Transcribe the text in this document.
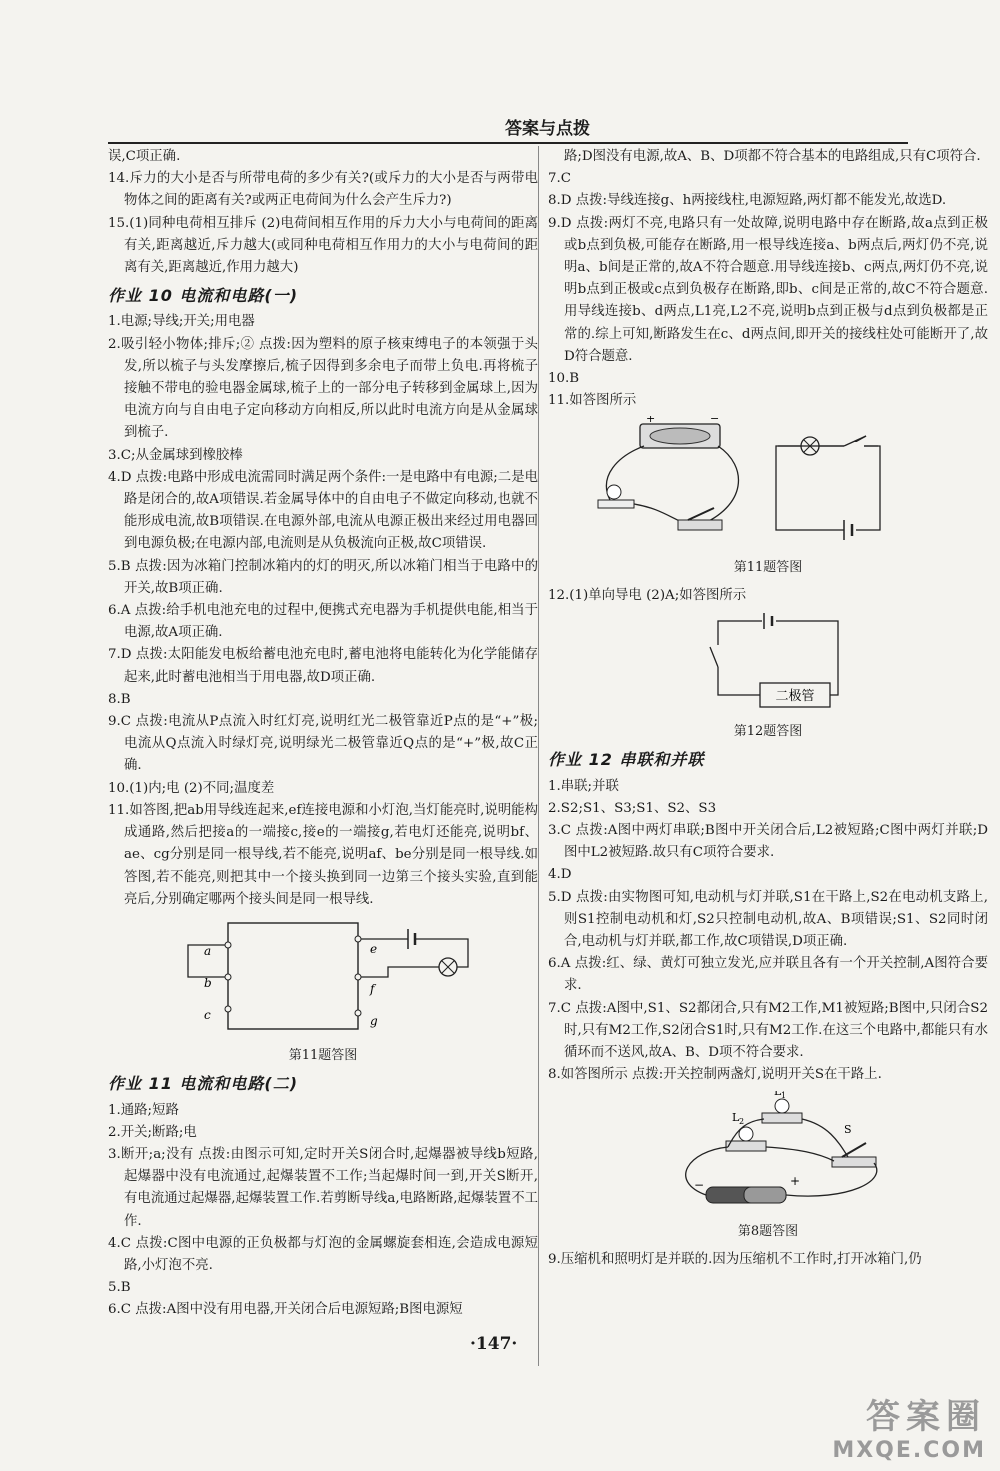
答案与点拨

误,C项正确.

14.斥力的大小是否与所带电荷的多少有关?(或斥力的大小是否与两带电物体之间的距离有关?或两正电荷间为什么会产生斥力?)

15.(1)同种电荷相互排斥 (2)电荷间相互作用的斥力大小与电荷间的距离有关,距离越近,斥力越大(或同种电荷相互作用力的大小与电荷间的距离有关,距离越近,作用力越大)

作业 10 电流和电路(一)

1.电源;导线;开关;用电器

2.吸引轻小物体;排斥;② 点拨:因为塑料的原子核束缚电子的本领强于头发,所以梳子与头发摩擦后,梳子因得到多余电子而带上负电.再将梳子接触不带电的验电器金属球,梳子上的一部分电子转移到金属球上,因为电流方向与自由电子定向移动方向相反,所以此时电流方向是从金属球到梳子.

3.C;从金属球到橡胶棒

4.D 点拨:电路中形成电流需同时满足两个条件:一是电路中有电源;二是电路是闭合的,故A项错误.若金属导体中的自由电子不做定向移动,也就不能形成电流,故B项错误.在电源外部,电流从电源正极出来经过用电器回到电源负极;在电源内部,电流则是从负极流向正极,故C项错误.

5.B 点拨:因为冰箱门控制冰箱内的灯的明灭,所以冰箱门相当于电路中的开关,故B项正确.

6.A 点拨:给手机电池充电的过程中,便携式充电器为手机提供电能,相当于电源,故A项正确.

7.D 点拨:太阳能发电板给蓄电池充电时,蓄电池将电能转化为化学能储存起来,此时蓄电池相当于用电器,故D项正确.

8.B

9.C 点拨:电流从P点流入时红灯亮,说明红光二极管靠近P点的是“+”极;电流从Q点流入时绿灯亮,说明绿光二极管靠近Q点的是“+”极,故C正确.

10.(1)内;电 (2)不同;温度差

11.如答图,把ab用导线连起来,ef连接电源和小灯泡,当灯能亮时,说明能构成通路,然后把接a的一端接c,接e的一端接g,若电灯还能亮,说明bf、ae、cg分别是同一根导线,若不能亮,说明af、be分别是同一根导线.如答图,若不能亮,则把其中一个接头换到同一边第三个接头实验,直到能亮后,分别确定哪两个接头间是同一根导线.

a
b
c
e
f
g
第11题答图
作业 11 电流和电路(二)

1.通路;短路

2.开关;断路;电

3.断开;a;没有 点拨:由图示可知,定时开关S闭合时,起爆器被导线b短路,起爆器中没有电流通过,起爆装置不工作;当起爆时间一到,开关S断开,有电流通过起爆器,起爆装置工作.若剪断导线a,电路断路,起爆装置不工作.

4.C 点拨:C图中电源的正负极都与灯泡的金属螺旋套相连,会造成电源短路,小灯泡不亮.

5.B

6.C 点拨:A图中没有用电器,开关闭合后电源短路;B图电源短

路;D图没有电源,故A、B、D项都不符合基本的电路组成,只有C项符合.

7.C

8.D 点拨:导线连接g、h两接线柱,电源短路,两灯都不能发光,故选D.

9.D 点拨:两灯不亮,电路只有一处故障,说明电路中存在断路,故a点到正极或b点到负极,可能存在断路,用一根导线连接a、b两点后,两灯仍不亮,说明a、b间是正常的,故A不符合题意.用导线连接b、c两点,两灯仍不亮,说明b点到正极或c点到负极存在断路,即b、c间是正常的,故C不符合题意.用导线连接b、d两点,L1亮,L2不亮,说明b点到正极与d点到负极都是正常的.综上可知,断路发生在c、d两点间,即开关的接线柱处可能断开了,故D符合题意.

10.B

11.如答图所示

+	−
第11题答图

12.(1)单向导电 (2)A;如答图所示

二极管
第12题答图
作业 12 串联和并联

1.串联;并联

2.S2;S1、S3;S1、S2、S3

3.C 点拨:A图中两灯串联;B图中开关闭合后,L2被短路;C图中两灯并联;D图中L2被短路.故只有C项符合要求.

4.D

5.D 点拨:由实物图可知,电动机与灯并联,S1在干路上,S2在电动机支路上,则S1控制电动机和灯,S2只控制电动机,故A、B项错误;S1、S2同时闭合,电动机与灯并联,都工作,故C项错误,D项正确.

6.A 点拨:红、绿、黄灯可独立发光,应并联且各有一个开关控制,A图符合要求.

7.C 点拨:A图中,S1、S2都闭合,只有M2工作,M1被短路;B图中,只闭合S2时,只有M2工作,S2闭合S1时,只有M2工作.在这三个电路中,都能只有水循环而不送风,故A、B、D项不符合要求.

8.如答图所示 点拨:开关控制两盏灯,说明开关S在干路上.

L 1
L 2
S
−	+
第8题答图

9.压缩机和照明灯是并联的.因为压缩机不工作时,打开冰箱门,仍

·147·
答案圈
MXQE.COM
